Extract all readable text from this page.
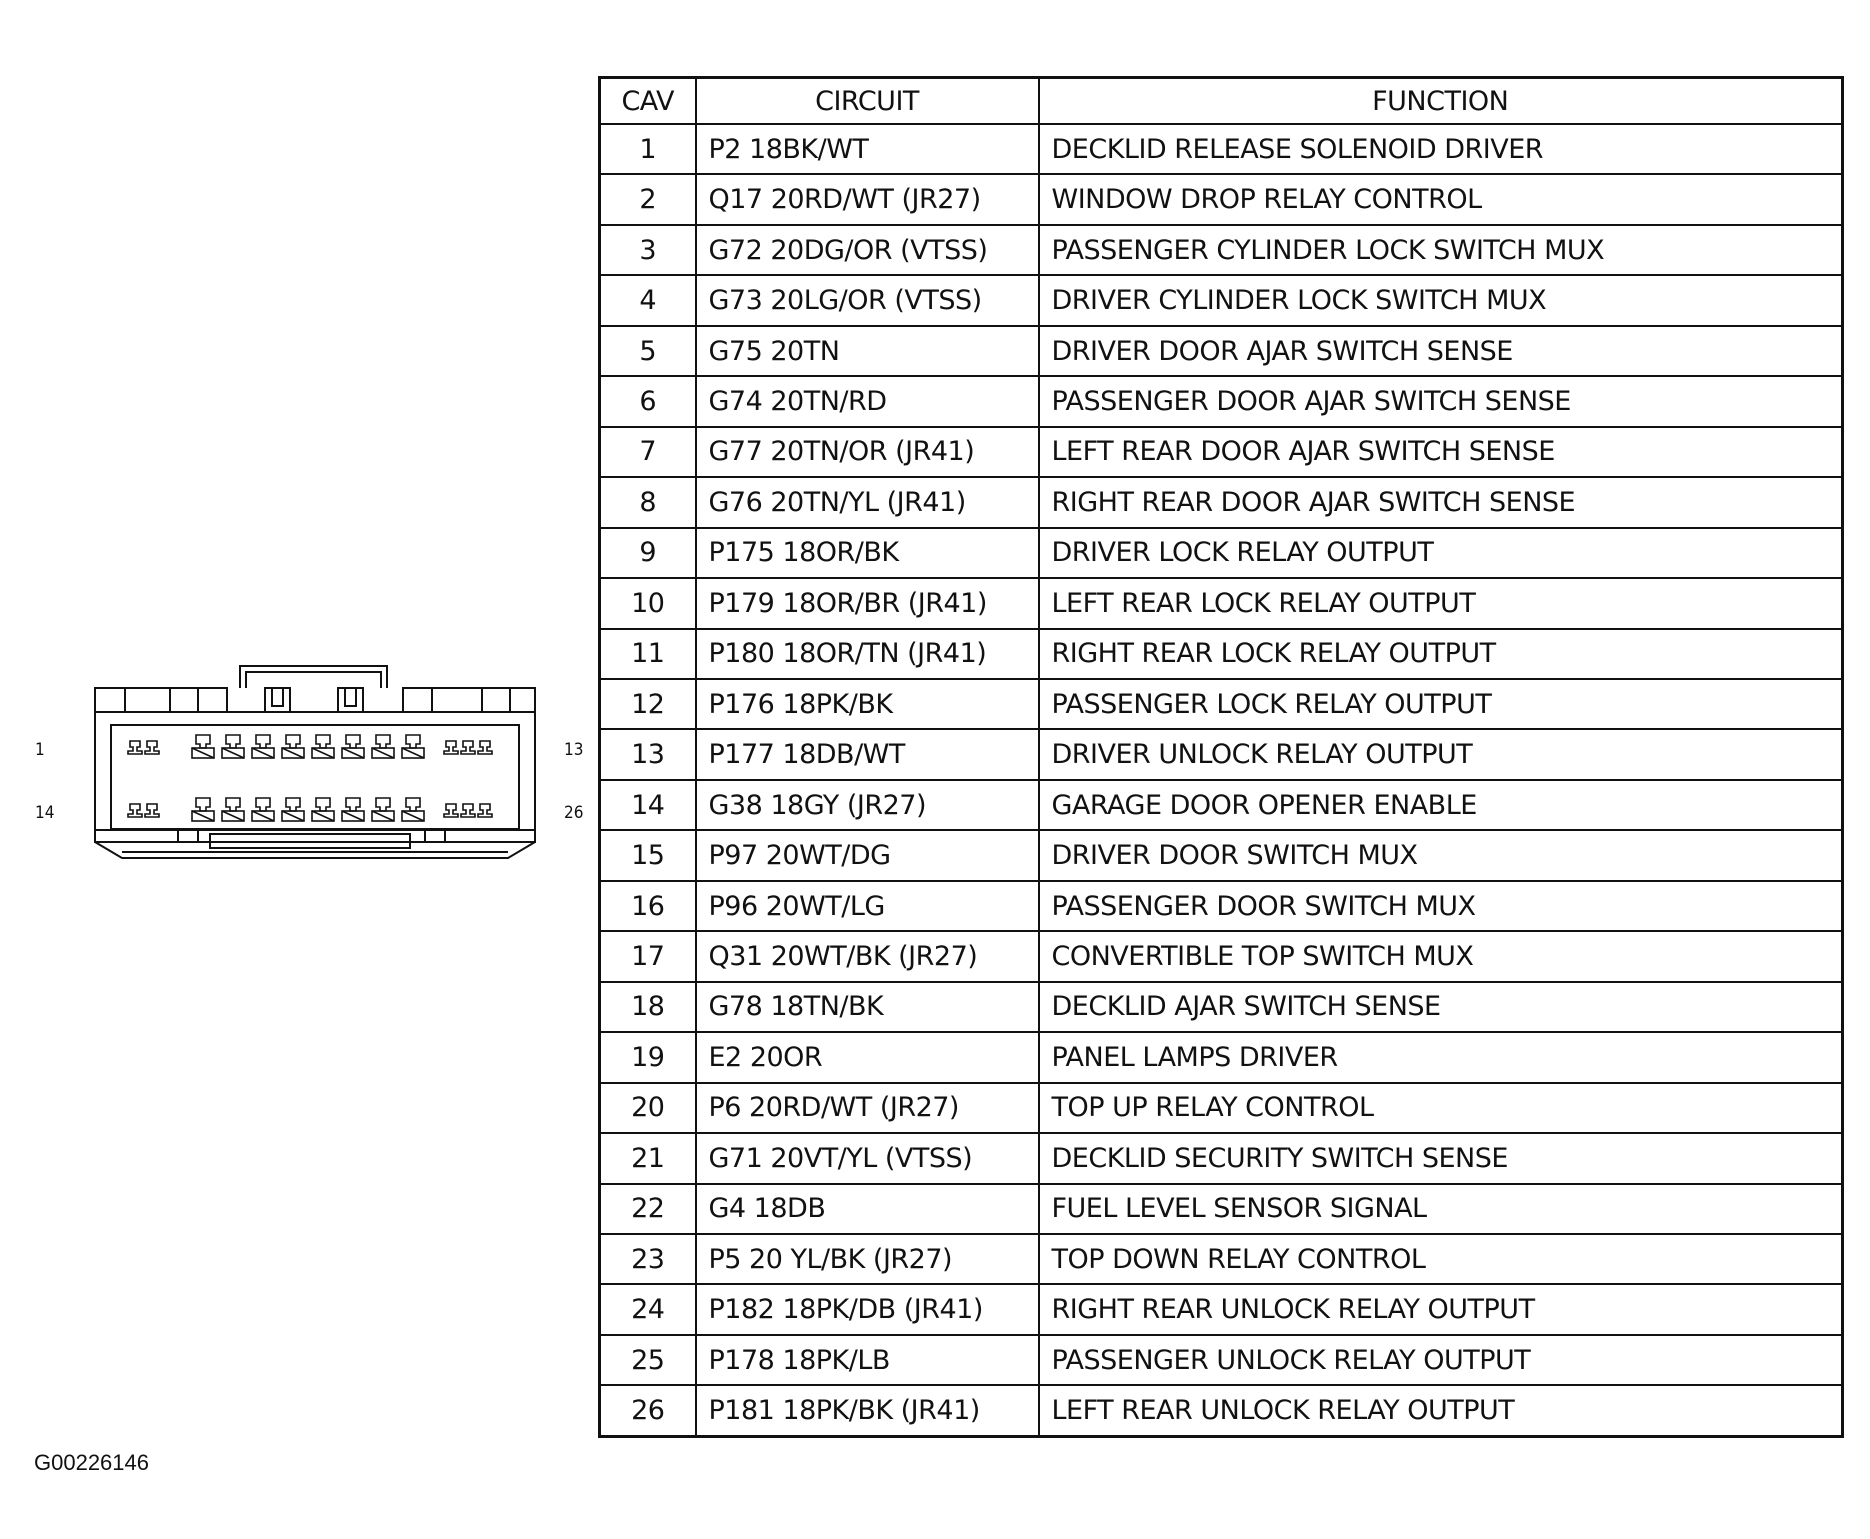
1
14
13
26
CAV	CIRCUIT	FUNCTION
1	P2 18BK/WT	DECKLID RELEASE SOLENOID DRIVER
2	Q17 20RD/WT (JR27)	WINDOW DROP RELAY CONTROL
3	G72 20DG/OR (VTSS)	PASSENGER CYLINDER LOCK SWITCH MUX
4	G73 20LG/OR (VTSS)	DRIVER CYLINDER LOCK SWITCH MUX
5	G75 20TN	DRIVER DOOR AJAR SWITCH SENSE
6	G74 20TN/RD	PASSENGER DOOR AJAR SWITCH SENSE
7	G77 20TN/OR (JR41)	LEFT REAR DOOR AJAR SWITCH SENSE
8	G76 20TN/YL (JR41)	RIGHT REAR DOOR AJAR SWITCH SENSE
9	P175 18OR/BK	DRIVER LOCK RELAY OUTPUT
10	P179 18OR/BR (JR41)	LEFT REAR LOCK RELAY OUTPUT
11	P180 18OR/TN (JR41)	RIGHT REAR LOCK RELAY OUTPUT
12	P176 18PK/BK	PASSENGER LOCK RELAY OUTPUT
13	P177 18DB/WT	DRIVER UNLOCK RELAY OUTPUT
14	G38 18GY (JR27)	GARAGE DOOR OPENER ENABLE
15	P97 20WT/DG	DRIVER DOOR SWITCH MUX
16	P96 20WT/LG	PASSENGER DOOR SWITCH MUX
17	Q31 20WT/BK (JR27)	CONVERTIBLE TOP SWITCH MUX
18	G78 18TN/BK	DECKLID AJAR SWITCH SENSE
19	E2 20OR	PANEL LAMPS DRIVER
20	P6 20RD/WT (JR27)	TOP UP RELAY CONTROL
21	G71 20VT/YL (VTSS)	DECKLID SECURITY SWITCH SENSE
22	G4 18DB	FUEL LEVEL SENSOR SIGNAL
23	P5 20 YL/BK (JR27)	TOP DOWN RELAY CONTROL
24	P182 18PK/DB (JR41)	RIGHT REAR UNLOCK RELAY OUTPUT
25	P178 18PK/LB	PASSENGER UNLOCK RELAY OUTPUT
26	P181 18PK/BK (JR41)	LEFT REAR UNLOCK RELAY OUTPUT
G00226146
